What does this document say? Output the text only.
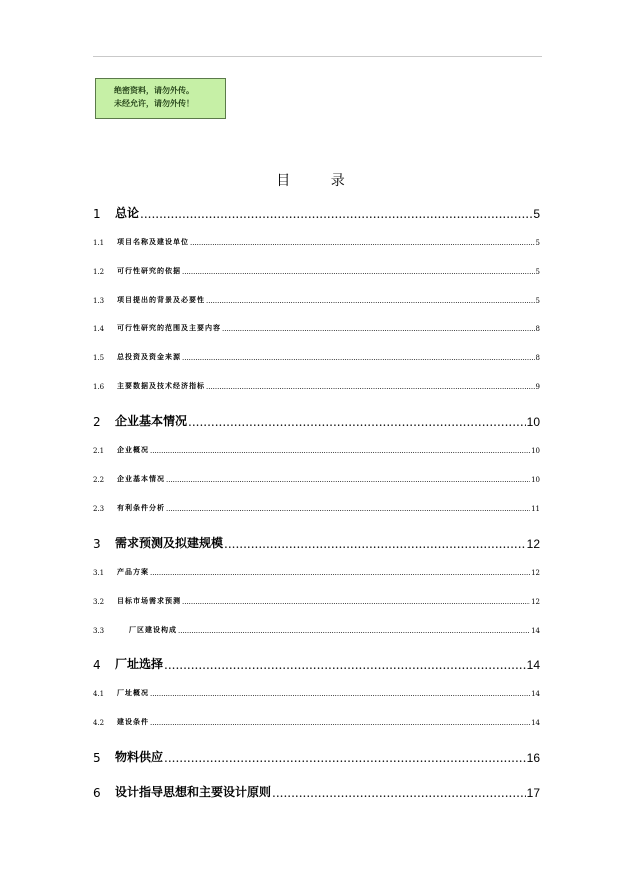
绝密资料，请勿外传。
未经允许，请勿外传！
目 录
1	总论 .....	5
1.1	项目名称及建设单位 .....	5
1.2	可行性研究的依据 .....	5
1.3	项目提出的背景及必要性 .....	5
1.4	可行性研究的范围及主要内容 .....	8
1.5	总投资及资金来源 .....	8
1.6	主要数据及技术经济指标 .....	9
2	企业基本情况 .....	10
2.1	企业概况 .....	10
2.2	企业基本情况 .....	10
2.3	有利条件分析 .....	11
3	需求预测及拟建规模 .....	12
3.1	产品方案 .....	12
3.2	目标市场需求预测 .....	12
3.3	厂区建设构成 .....	14
4	厂址选择 .....	14
4.1	厂址概况 .....	14
4.2	建设条件 .....	14
5	物料供应 .....	16
6	设计指导思想和主要设计原则 .....	17
